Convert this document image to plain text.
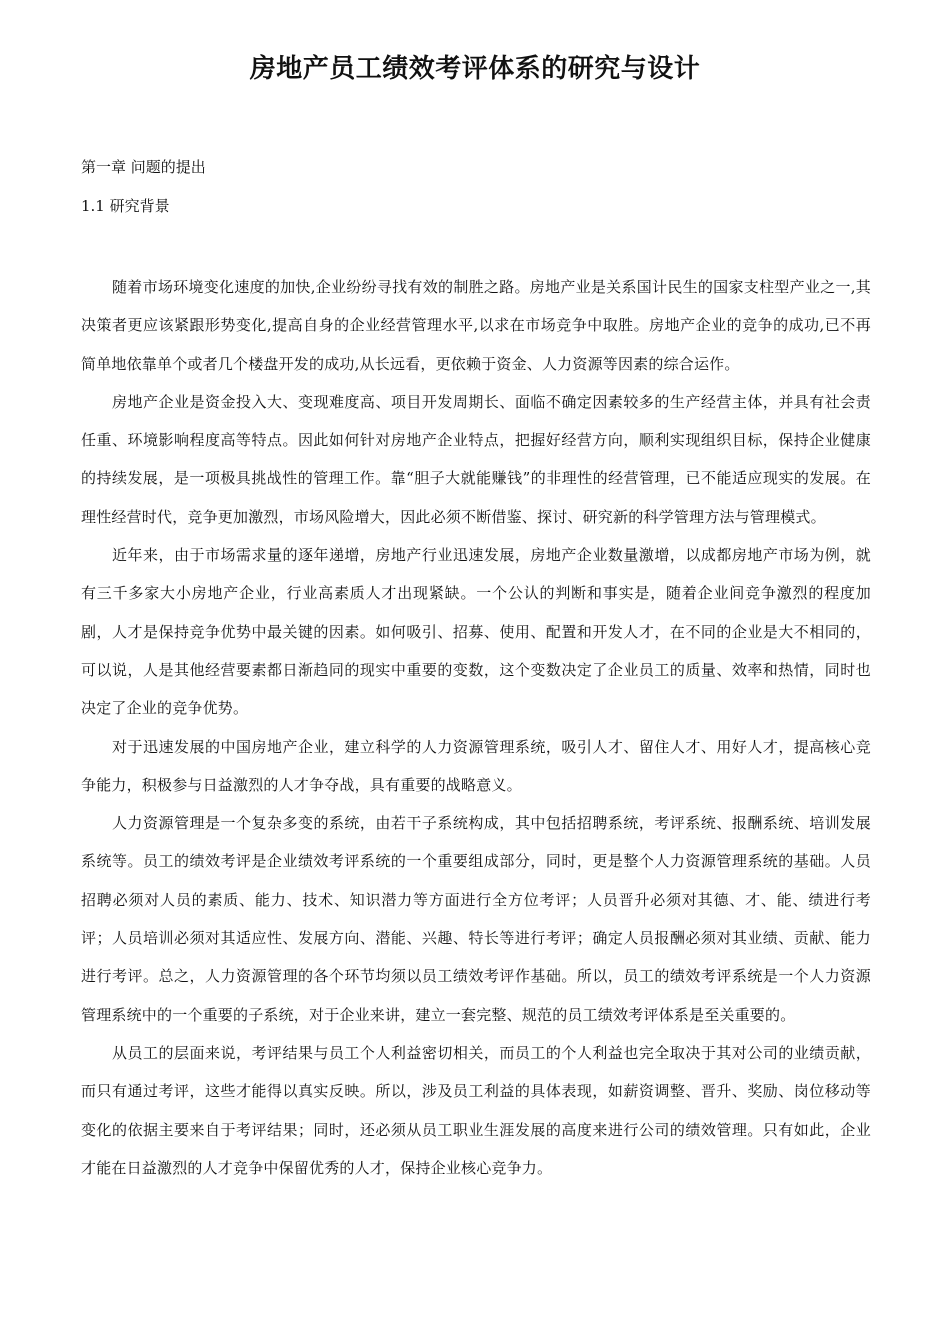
房地产员工绩效考评体系的研究与设计
第一章 问题的提出
1.1 研究背景

随着市场环境变化速度的加快,企业纷纷寻找有效的制胜之路。房地产业是关系国计民生的国家支柱型产业之一,其决策者更应该紧跟形势变化,提高自身的企业经营管理水平,以求在市场竞争中取胜。房地产企业的竞争的成功,已不再简单地依靠单个或者几个楼盘开发的成功,从长远看，更依赖于资金、人力资源等因素的综合运作。

房地产企业是资金投入大、变现难度高、项目开发周期长、面临不确定因素较多的生产经营主体，并具有社会责任重、环境影响程度高等特点。因此如何针对房地产企业特点，把握好经营方向，顺利实现组织目标，保持企业健康的持续发展，是一项极具挑战性的管理工作。靠“胆子大就能赚钱”的非理性的经营管理，已不能适应现实的发展。在理性经营时代，竞争更加激烈，市场风险增大，因此必须不断借鉴、探讨、研究新的科学管理方法与管理模式。

近年来，由于市场需求量的逐年递增，房地产行业迅速发展，房地产企业数量激增，以成都房地产市场为例，就有三千多家大小房地产企业，行业高素质人才出现紧缺。一个公认的判断和事实是，随着企业间竞争激烈的程度加剧，人才是保持竞争优势中最关键的因素。如何吸引、招募、使用、配置和开发人才，在不同的企业是大不相同的，可以说，人是其他经营要素都日渐趋同的现实中重要的变数，这个变数决定了企业员工的质量、效率和热情，同时也决定了企业的竞争优势。

对于迅速发展的中国房地产企业，建立科学的人力资源管理系统，吸引人才、留住人才、用好人才，提高核心竞争能力，积极参与日益激烈的人才争夺战，具有重要的战略意义。

人力资源管理是一个复杂多变的系统，由若干子系统构成，其中包括招聘系统，考评系统、报酬系统、培训发展系统等。员工的绩效考评是企业绩效考评系统的一个重要组成部分，同时，更是整个人力资源管理系统的基础。人员招聘必须对人员的素质、能力、技术、知识潜力等方面进行全方位考评；人员晋升必须对其德、才、能、绩进行考评；人员培训必须对其适应性、发展方向、潜能、兴趣、特长等进行考评；确定人员报酬必须对其业绩、贡献、能力进行考评。总之，人力资源管理的各个环节均须以员工绩效考评作基础。所以，员工的绩效考评系统是一个人力资源管理系统中的一个重要的子系统，对于企业来讲，建立一套完整、规范的员工绩效考评体系是至关重要的。

从员工的层面来说，考评结果与员工个人利益密切相关，而员工的个人利益也完全取决于其对公司的业绩贡献，而只有通过考评，这些才能得以真实反映。所以，涉及员工利益的具体表现，如薪资调整、晋升、奖励、岗位移动等变化的依据主要来自于考评结果；同时，还必须从员工职业生涯发展的高度来进行公司的绩效管理。只有如此，企业才能在日益激烈的人才竞争中保留优秀的人才，保持企业核心竞争力。
